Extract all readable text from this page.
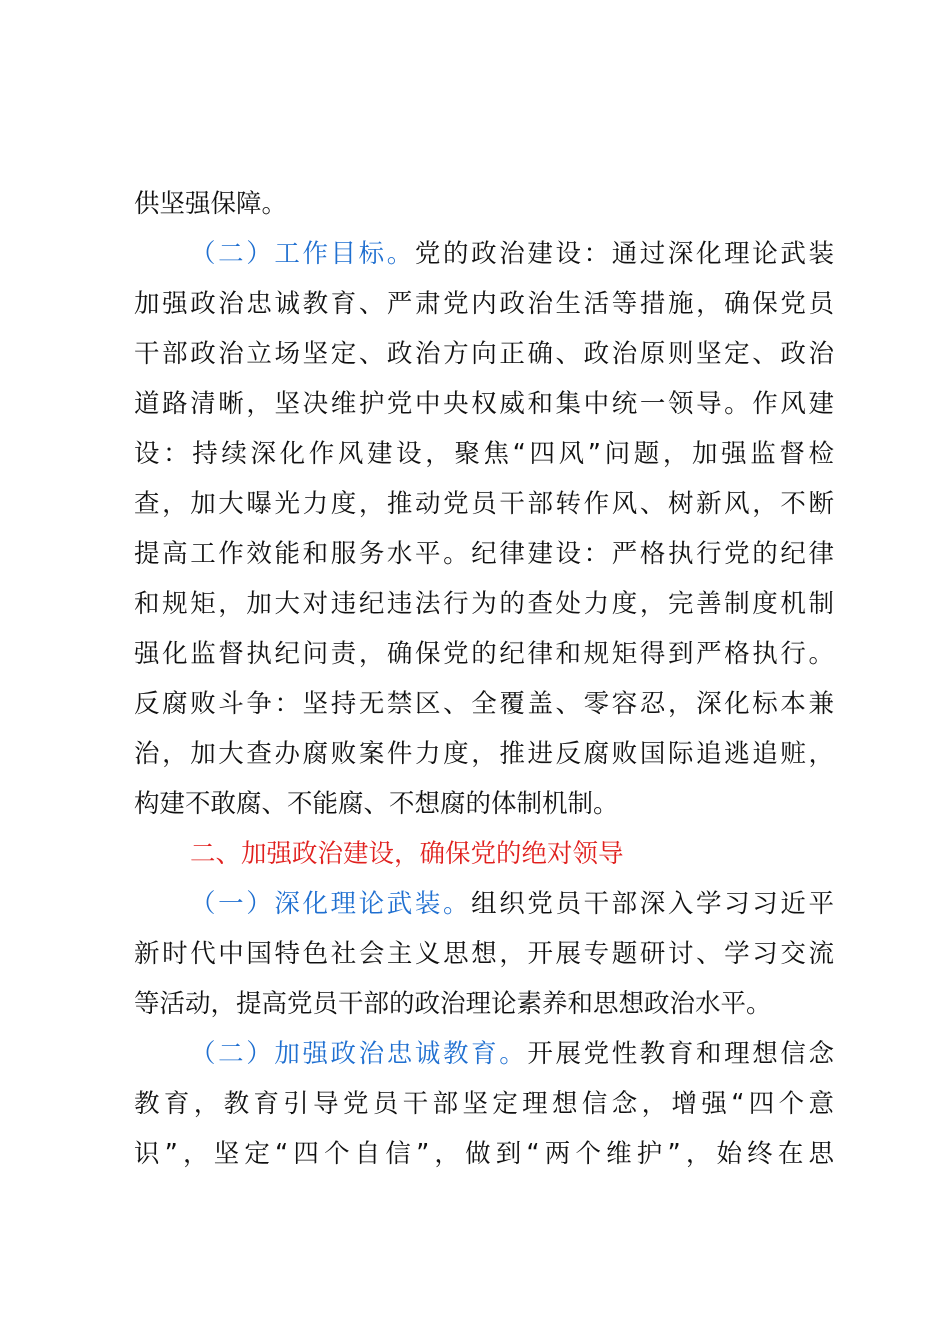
供坚强保障。
（二）工作目标。党的政治建设：通过深化理论武装
加强政治忠诚教育、严肃党内政治生活等措施，确保党员
干部政治立场坚定、政治方向正确、政治原则坚定、政治
道路清晰，坚决维护党中央权威和集中统一领导。作风建
设：持续深化作风建设，聚焦“四风”问题，加强监督检
查，加大曝光力度，推动党员干部转作风、树新风，不断
提高工作效能和服务水平。纪律建设：严格执行党的纪律
和规矩，加大对违纪违法行为的查处力度，完善制度机制
强化监督执纪问责，确保党的纪律和规矩得到严格执行。
反腐败斗争：坚持无禁区、全覆盖、零容忍，深化标本兼
治，加大查办腐败案件力度，推进反腐败国际追逃追赃，
构建不敢腐、不能腐、不想腐的体制机制。
二、加强政治建设，确保党的绝对领导
（一）深化理论武装。组织党员干部深入学习习近平
新时代中国特色社会主义思想，开展专题研讨、学习交流
等活动，提高党员干部的政治理论素养和思想政治水平。
（二）加强政治忠诚教育。开展党性教育和理想信念
教育，教育引导党员干部坚定理想信念，增强“四个意
识”，坚定“四个自信”，做到“两个维护”，始终在思
